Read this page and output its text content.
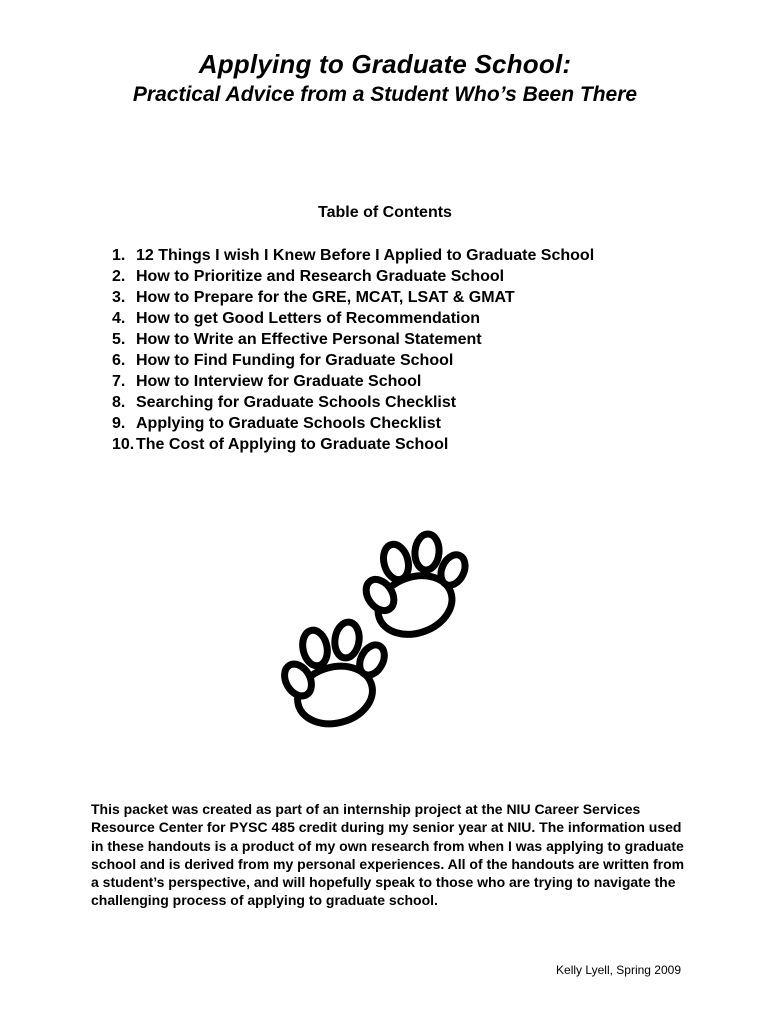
Applying to Graduate School:
Practical Advice from a Student Who’s Been There
Table of Contents
1. 12 Things I wish I Knew Before I Applied to Graduate School
2. How to Prioritize and Research Graduate School
3. How to Prepare for the GRE, MCAT, LSAT & GMAT
4. How to get Good Letters of Recommendation
5. How to Write an Effective Personal Statement
6. How to Find Funding for Graduate School
7. How to Interview for Graduate School
8. Searching for Graduate Schools Checklist
9. Applying to Graduate Schools Checklist
10. The Cost of Applying to Graduate School

This packet was created as part of an internship project at the NIU Career Services Resource Center for PYSC 485 credit during my senior year at NIU. The information used in these handouts is a product of my own research from when I was applying to graduate school and is derived from my personal experiences. All of the handouts are written from a student’s perspective, and will hopefully speak to those who are trying to navigate the challenging process of applying to graduate school.

Kelly Lyell, Spring 2009
